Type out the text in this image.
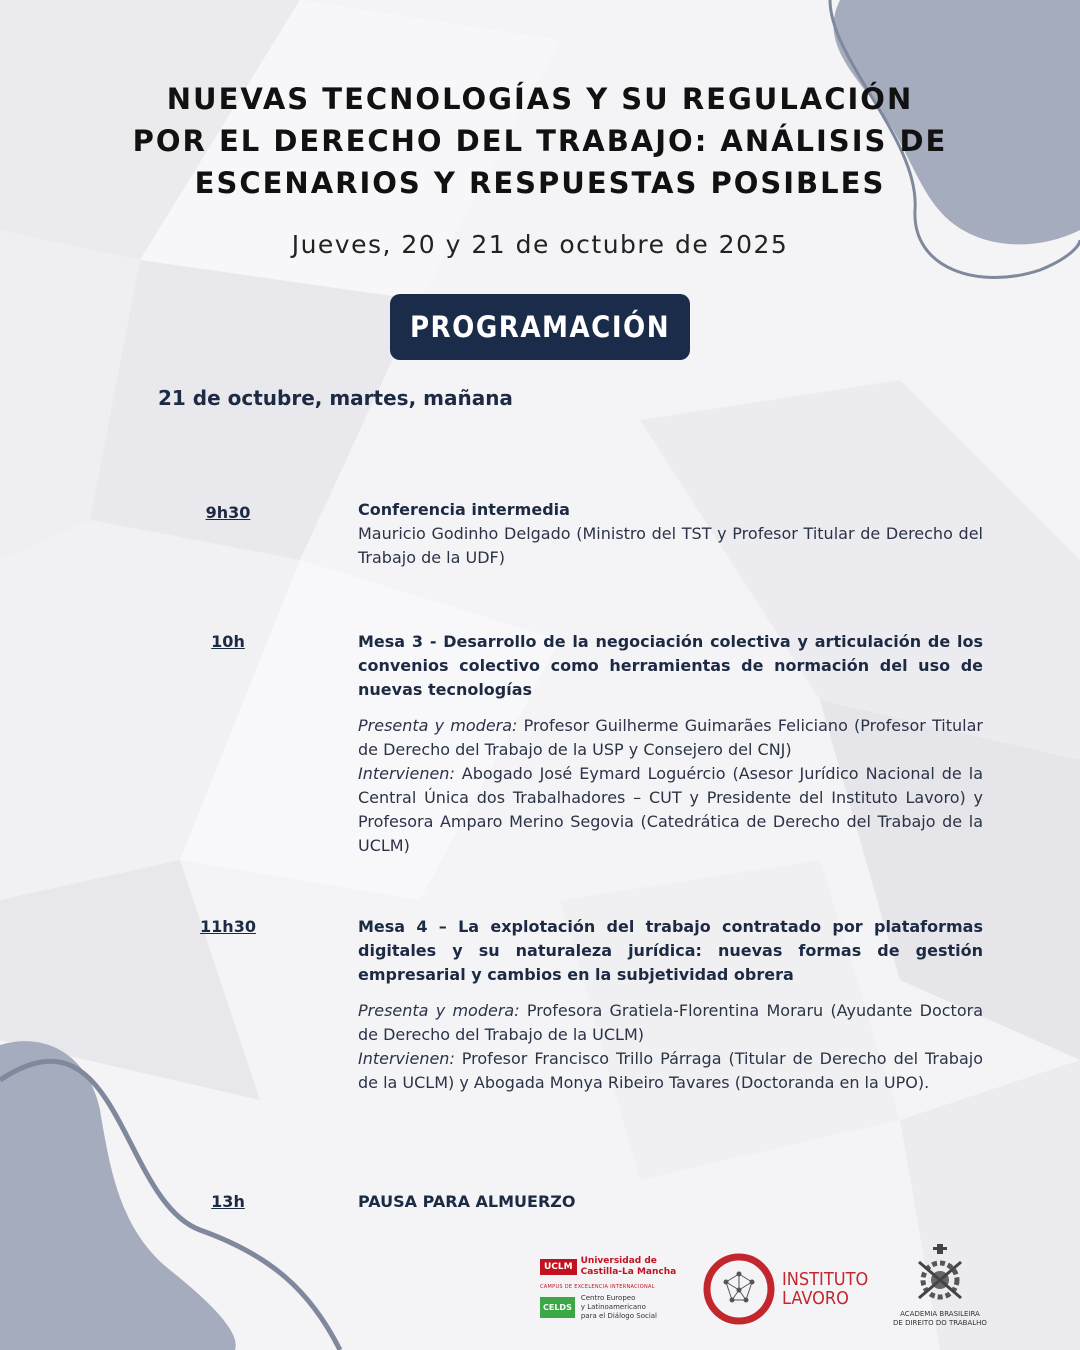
NUEVAS TECNOLOGÍAS Y SU REGULACIÓN
POR EL DERECHO DEL TRABAJO: ANÁLISIS DE
ESCENARIOS Y RESPUESTAS POSIBLES
Jueves, 20 y 21 de octubre de 2025
PROGRAMACIÓN
21 de octubre, martes, mañana
9h30	Conferencia intermedia

Mauricio Godinho Delgado (Ministro del TST y Profesor Titular de Derecho del Trabajo de la UDF)

10h	Mesa 3 - Desarrollo de la negociación colectiva y articulación de los convenios colectivo como herramientas de normación del uso de nuevas tecnologías

Presenta y modera: Profesor Guilherme Guimarães Feliciano (Profesor Titular de Derecho del Trabajo de la USP y Consejero del CNJ)

Intervienen: Abogado José Eymard Loguércio (Asesor Jurídico Nacional de la Central Única dos Trabalhadores – CUT y Presidente del Instituto Lavoro) y Profesora Amparo Merino Segovia (Catedrática de Derecho del Trabajo de la UCLM)

11h30	Mesa 4 – La explotación del trabajo contratado por plataformas digitales y su naturaleza jurídica: nuevas formas de gestión empresarial y cambios en la subjetividad obrera

Presenta y modera: Profesora Gratiela-Florentina Moraru (Ayudante Doctora de Derecho del Trabajo de la UCLM)

Intervienen: Profesor Francisco Trillo Párraga (Titular de Derecho del Trabajo de la UCLM) y Abogada Monya Ribeiro Tavares (Doctoranda en la UPO).

13h	PAUSA PARA ALMUERZO

UCLM
Universidad de
Castilla-La Mancha
CAMPUS DE EXCELENCIA INTERNACIONAL
CELDS
Centro Europeo
y Latinoamericano
para el Diálogo Social
INSTITUTO
LAVORO
ACADEMIA BRASILEIRA
DE DIREITO DO TRABALHO
